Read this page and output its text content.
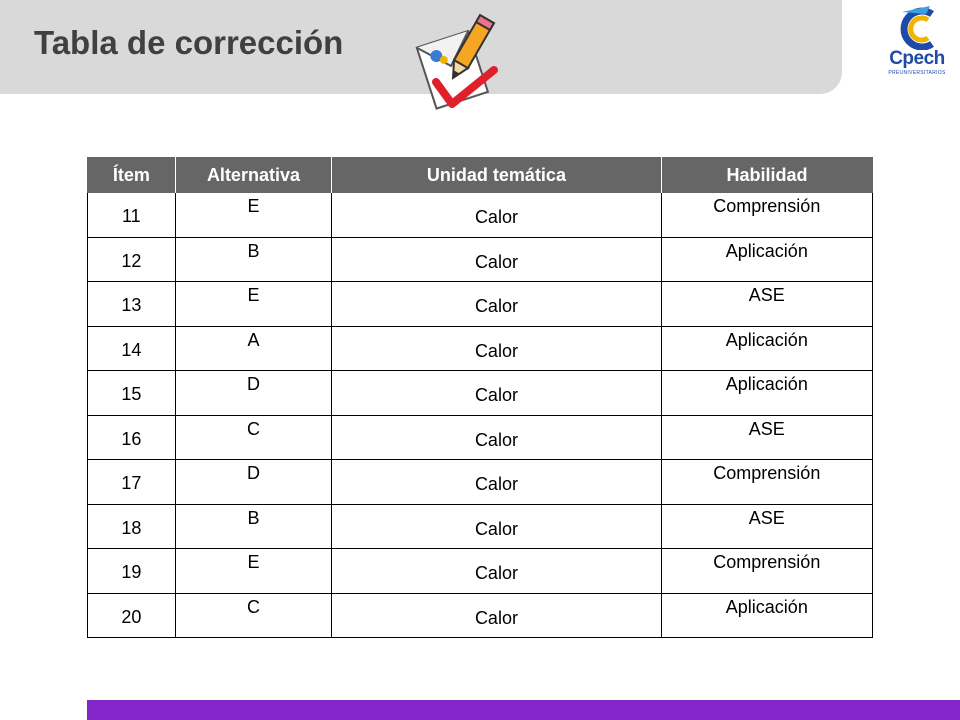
Tabla de corrección	Cpech
PREUNIVERSITARIOS
Ítem	Alternativa	Unidad temática	Habilidad
11	E	Calor	Comprensión
12	B	Calor	Aplicación
13	E	Calor	ASE
14	A	Calor	Aplicación
15	D	Calor	Aplicación
16	C	Calor	ASE
17	D	Calor	Comprensión
18	B	Calor	ASE
19	E	Calor	Comprensión
20	C	Calor	Aplicación
